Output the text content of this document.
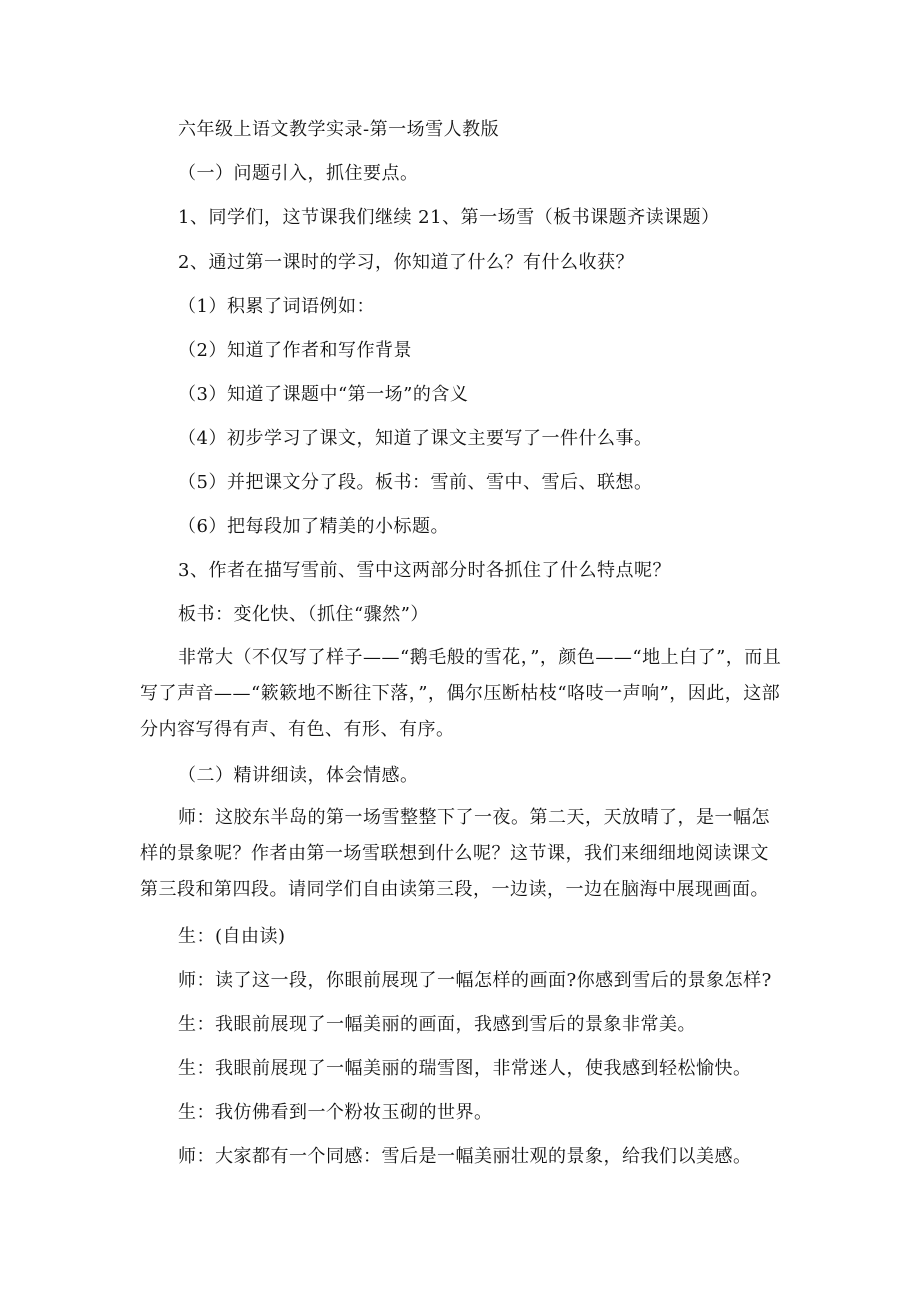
六年级上语文教学实录-第一场雪人教版
（一）问题引入，抓住要点。
1、同学们，这节课我们继续 21、第一场雪（板书课题齐读课题）
2、通过第一课时的学习，你知道了什么？有什么收获？
（1）积累了词语例如：
（2）知道了作者和写作背景
（3）知道了课题中“第一场”的含义
（4）初步学习了课文，知道了课文主要写了一件什么事。
（5）并把课文分了段。板书：雪前、雪中、雪后、联想。
（6）把每段加了精美的小标题。
3、作者在描写雪前、雪中这两部分时各抓住了什么特点呢？
板书：变化快、（抓住“骤然”）
非常大（不仅写了样子——“鹅毛般的雪花，”，颜色——“地上白了”，而且写了声音——“簌簌地不断往下落，”，偶尔压断枯枝“咯吱一声响”，因此，这部分内容写得有声、有色、有形、有序。
（二）精讲细读，体会情感。
师：这胶东半岛的第一场雪整整下了一夜。第二天，天放晴了，是一幅怎样的景象呢？作者由第一场雪联想到什么呢？这节课，我们来细细地阅读课文第三段和第四段。请同学们自由读第三段，一边读，一边在脑海中展现画面。
生：(自由读)
师：读了这一段，你眼前展现了一幅怎样的画面?你感到雪后的景象怎样?
生：我眼前展现了一幅美丽的画面，我感到雪后的景象非常美。
生：我眼前展现了一幅美丽的瑞雪图，非常迷人，使我感到轻松愉快。
生：我仿佛看到一个粉妆玉砌的世界。
师：大家都有一个同感：雪后是一幅美丽壮观的景象，给我们以美感。
